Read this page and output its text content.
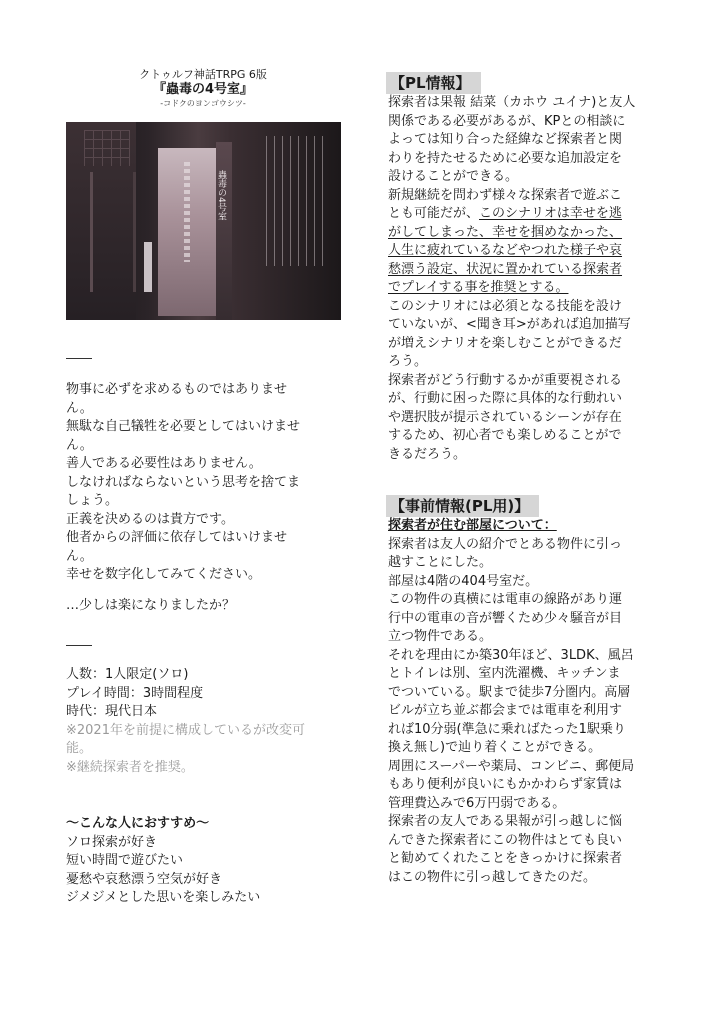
クトゥルフ神話TRPG 6版
『蟲毒の4号室』
-コドクのヨンゴウシツ-
蟲毒の4号室
物事に必ずを求めるものではありませ
ん。
無駄な自己犠牲を必要としてはいけませ
ん。
善人である必要性はありません。
しなければならないという思考を捨てま
しょう。
正義を決めるのは貴方です。
他者からの評価に依存してはいけませ
ん。
幸せを数字化してみてください。
…少しは楽になりましたか？
人数：1人限定(ソロ)
プレイ時間：3時間程度
時代：現代日本
※2021年を前提に構成しているが改変可
能。
※継続探索者を推奨。
〜こんな人におすすめ〜
ソロ探索が好き
短い時間で遊びたい
憂愁や哀愁漂う空気が好き
ジメジメとした思いを楽しみたい
【PL情報】
探索者は果報 結菜（カホウ ユイナ)と友人
関係である必要があるが、KPとの相談に
よっては知り合った経緯など探索者と関
わりを持たせるために必要な追加設定を
設けることができる。
新規継続を問わず様々な探索者で遊ぶこ
とも可能だが、このシナリオは幸せを逃
がしてしまった、幸せを掴めなかった、
人生に疲れているなどやつれた様子や哀
愁漂う設定、状況に置かれている探索者
でプレイする事を推奨とする。
このシナリオには必須となる技能を設け
ていないが、<聞き耳>があれば追加描写
が増えシナリオを楽しむことができるだ
ろう。
探索者がどう行動するかが重要視される
が、行動に困った際に具体的な行動れい
や選択肢が提示されているシーンが存在
するため、初心者でも楽しめることがで
きるだろう。
【事前情報(PL用)】
探索者が住む部屋について：
探索者は友人の紹介でとある物件に引っ
越すことにした。
部屋は4階の404号室だ。
この物件の真横には電車の線路があり運
行中の電車の音が響くため少々騒音が目
立つ物件である。
それを理由にか築30年ほど、3LDK、風呂
とトイレは別、室内洗濯機、キッチンま
でついている。駅まで徒歩7分圏内。高層
ビルが立ち並ぶ都会までは電車を利用す
れば10分弱(準急に乗ればたった1駅乗り
換え無し)で辿り着くことができる。
周囲にスーパーや薬局、コンビニ、郵便局
もあり便利が良いにもかかわらず家賃は
管理費込みで6万円弱である。
探索者の友人である果報が引っ越しに悩
んできた探索者にこの物件はとても良い
と勧めてくれたことをきっかけに探索者
はこの物件に引っ越してきたのだ。
